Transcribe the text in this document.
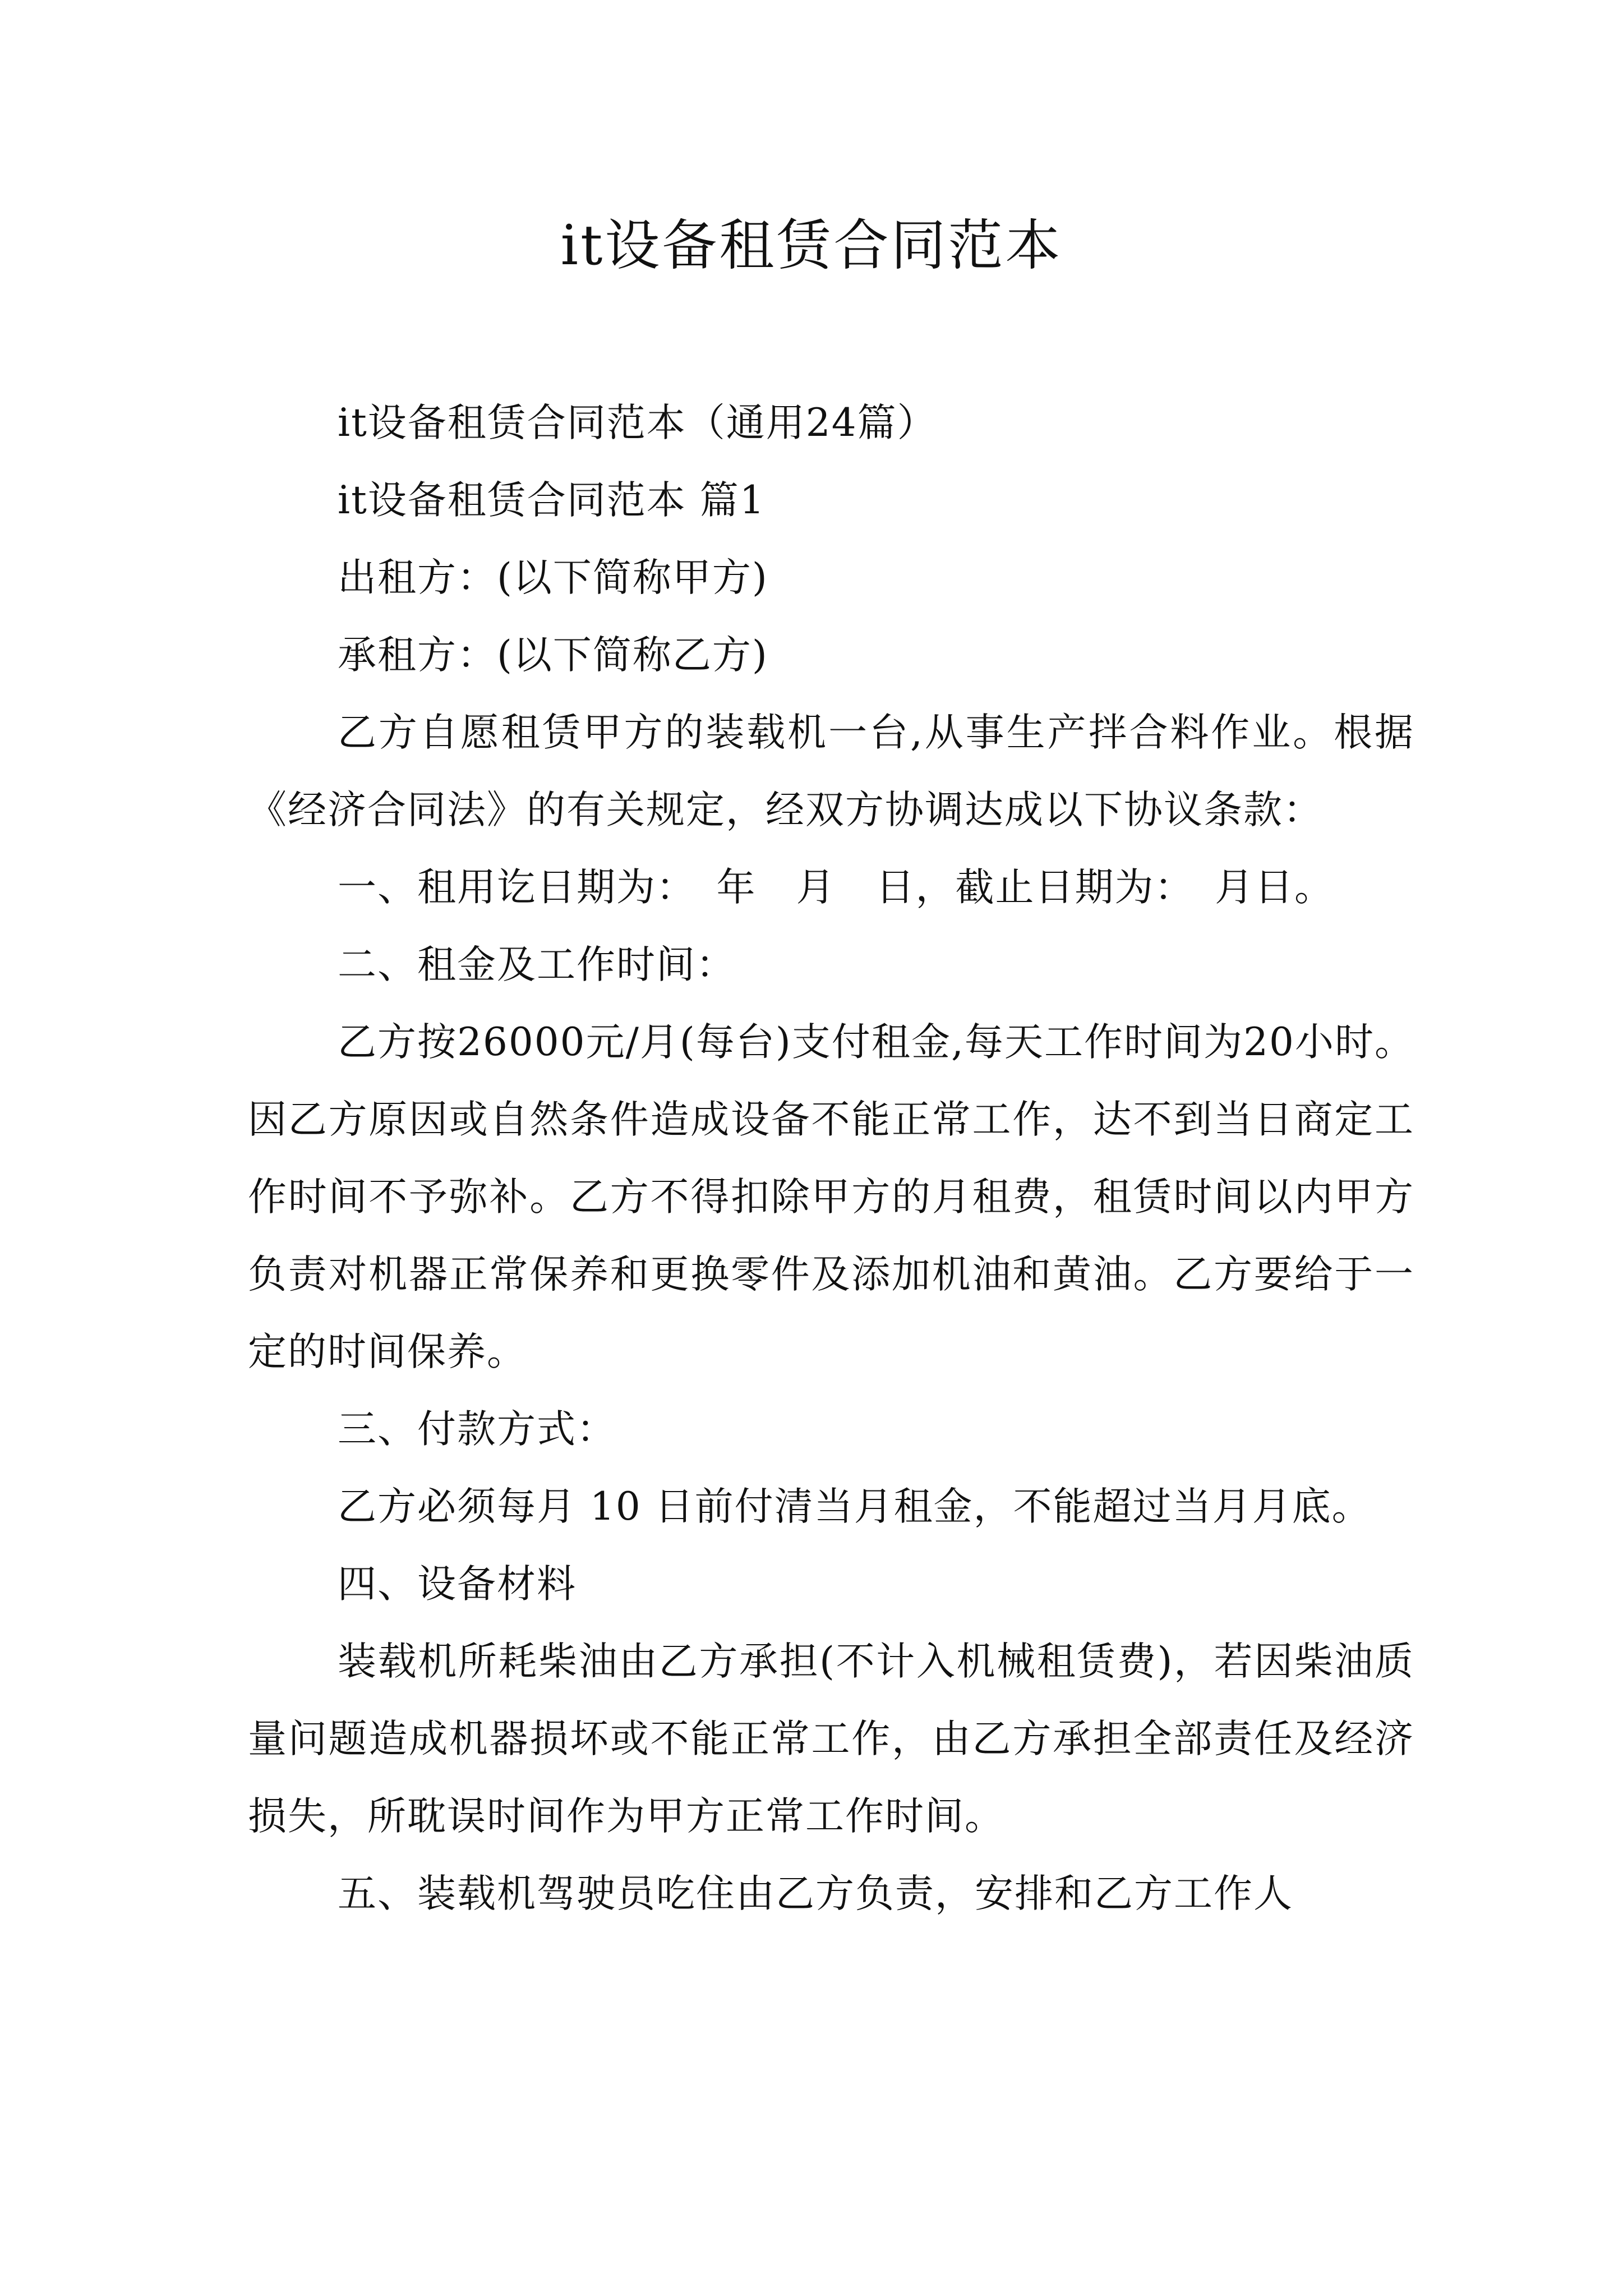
it设备租赁合同范本

it设备租赁合同范本（通用24篇）

it设备租赁合同范本 篇1

出租方：(以下简称甲方)

承租方：(以下简称乙方)

乙方自愿租赁甲方的装载机一台,从事生产拌合料作业。根据《经济合同法》的有关规定，经双方协调达成以下协议条款：

一、租用讫日期为：　年　月　日，截止日期为：　月日。

二、租金及工作时间：

乙方按26000元/月(每台)支付租金,每天工作时间为20小时。因乙方原因或自然条件造成设备不能正常工作，达不到当日商定工作时间不予弥补。乙方不得扣除甲方的月租费，租赁时间以内甲方负责对机器正常保养和更换零件及添加机油和黄油。乙方要给于一定的时间保养。

三、付款方式：

乙方必须每月 10 日前付清当月租金，不能超过当月月底。

四、设备材料

装载机所耗柴油由乙方承担(不计入机械租赁费)，若因柴油质量问题造成机器损坏或不能正常工作，由乙方承担全部责任及经济损失，所耽误时间作为甲方正常工作时间。

五、装载机驾驶员吃住由乙方负责，安排和乙方工作人
